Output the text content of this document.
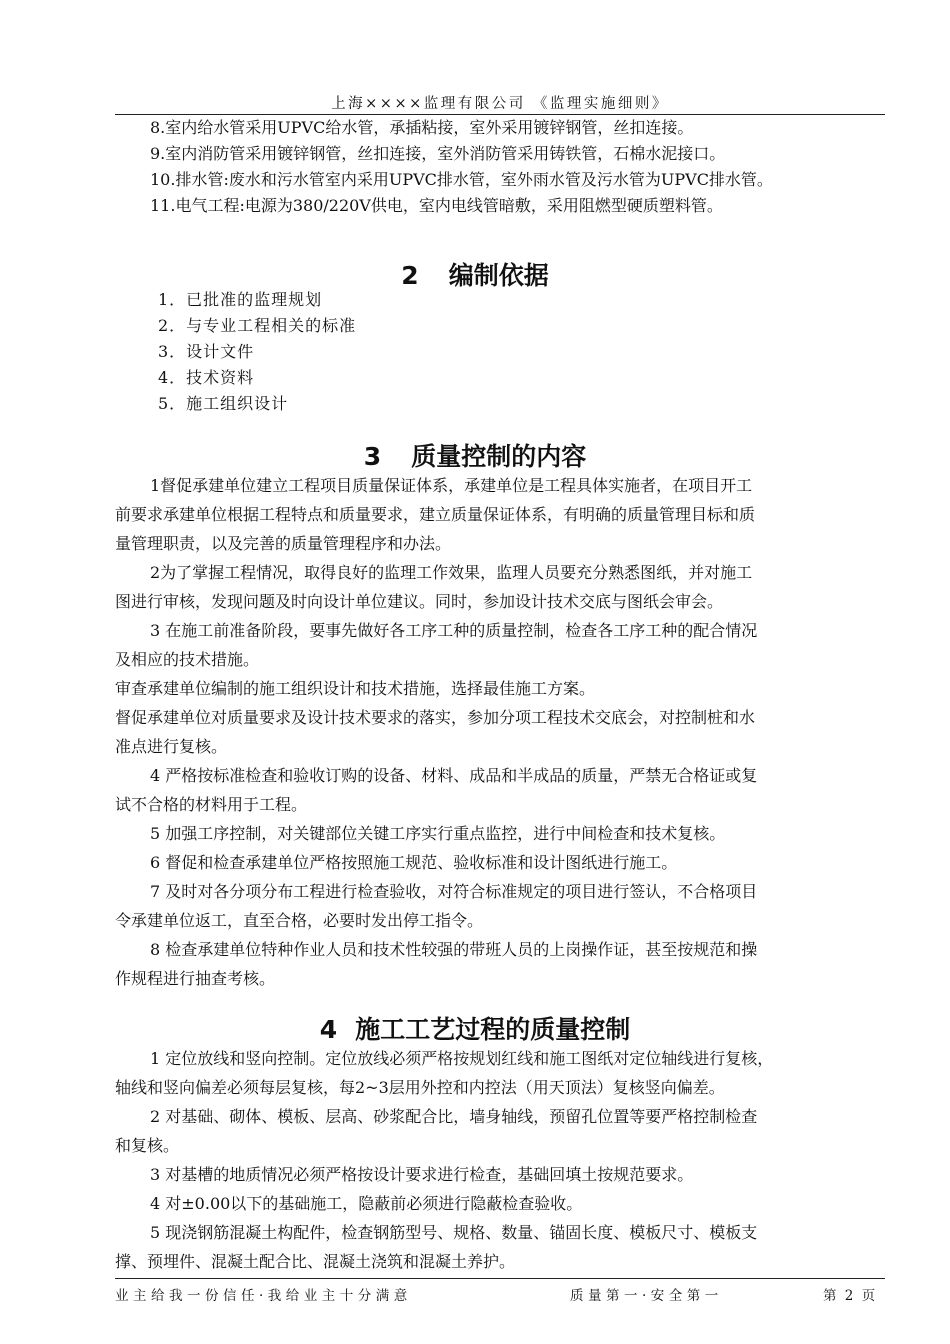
上海××××监理有限公司 《监理实施细则》
8.室内给水管采用UPVC给水管，承插粘接，室外采用镀锌钢管，丝扣连接。
9.室内消防管采用镀锌钢管，丝扣连接，室外消防管采用铸铁管，石棉水泥接口。
10.排水管:废水和污水管室内采用UPVC排水管，室外雨水管及污水管为UPVC排水管。
11.电气工程:电源为380/220V供电，室内电线管暗敷，采用阻燃型硬质塑料管。
2 编制依据
1．已批准的监理规划
2．与专业工程相关的标准
3．设计文件
4．技术资料
5．施工组织设计
3 质量控制的内容
1督促承建单位建立工程项目质量保证体系，承建单位是工程具体实施者，在项目开工
前要求承建单位根据工程特点和质量要求，建立质量保证体系，有明确的质量管理目标和质
量管理职责，以及完善的质量管理程序和办法。
2为了掌握工程情况，取得良好的监理工作效果，监理人员要充分熟悉图纸，并对施工
图进行审核，发现问题及时向设计单位建议。同时，参加设计技术交底与图纸会审会。
3 在施工前准备阶段，要事先做好各工序工种的质量控制，检查各工序工种的配合情况
及相应的技术措施。
审查承建单位编制的施工组织设计和技术措施，选择最佳施工方案。
督促承建单位对质量要求及设计技术要求的落实，参加分项工程技术交底会，对控制桩和水
准点进行复核。
4 严格按标准检查和验收订购的设备、材料、成品和半成品的质量，严禁无合格证或复
试不合格的材料用于工程。
5 加强工序控制，对关键部位关键工序实行重点监控，进行中间检查和技术复核。
6 督促和检查承建单位严格按照施工规范、验收标准和设计图纸进行施工。
7 及时对各分项分布工程进行检查验收，对符合标准规定的项目进行签认，不合格项目
令承建单位返工，直至合格，必要时发出停工指令。
8 检查承建单位特种作业人员和技术性较强的带班人员的上岗操作证，甚至按规范和操
作规程进行抽查考核。
4 施工工艺过程的质量控制
1 定位放线和竖向控制。定位放线必须严格按规划红线和施工图纸对定位轴线进行复核，
轴线和竖向偏差必须每层复核，每2~3层用外控和内控法（用天顶法）复核竖向偏差。
2 对基础、砌体、模板、层高、砂浆配合比，墙身轴线，预留孔位置等要严格控制检查
和复核。
3 对基槽的地质情况必须严格按设计要求进行检查，基础回填土按规范要求。
4 对±0.00以下的基础施工，隐蔽前必须进行隐蔽检查验收。
5 现浇钢筋混凝土构配件，检查钢筋型号、规格、数量、锚固长度、模板尺寸、模板支
撑、预埋件、混凝土配合比、混凝土浇筑和混凝土养护。
业主给我一份信任·我给业主十分满意	质量第一·安全第一	第 2 页
